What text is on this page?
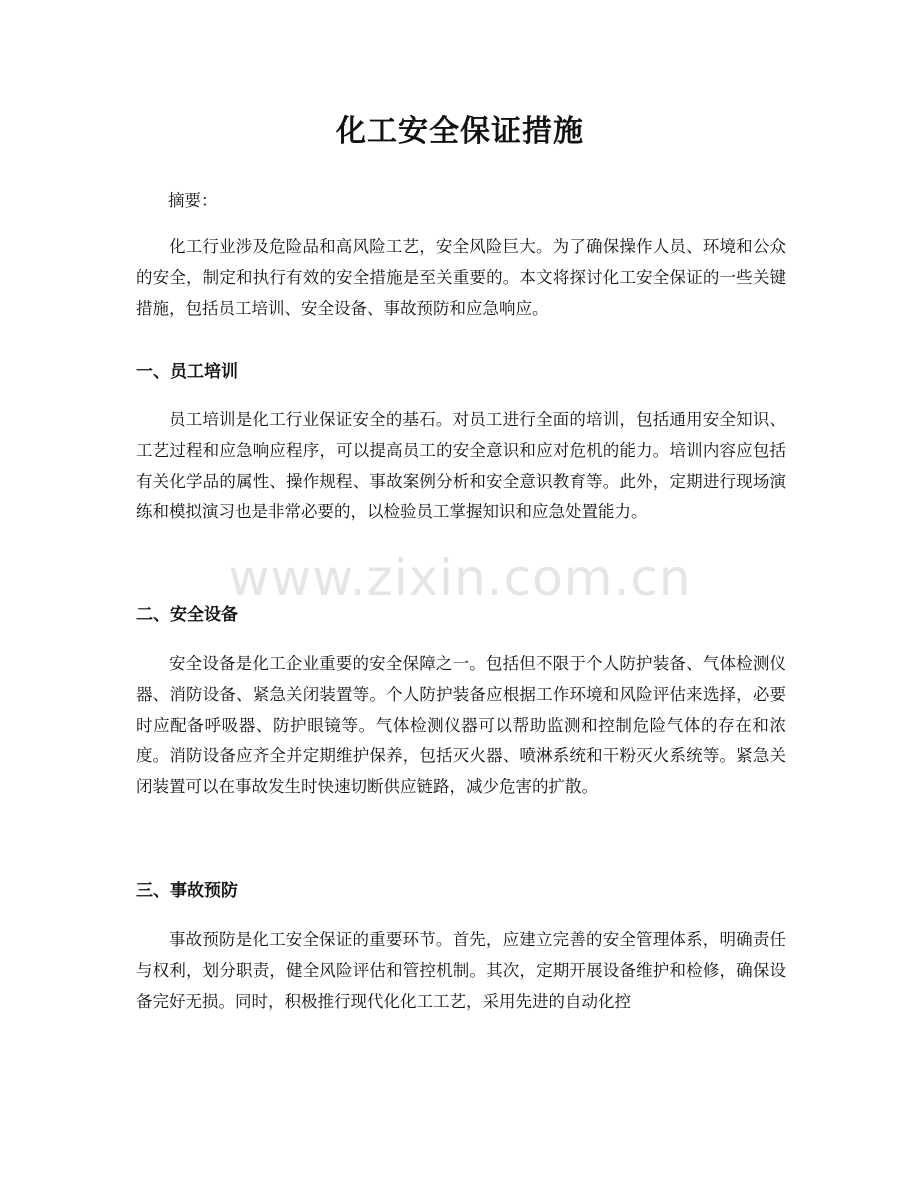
化工安全保证措施

摘要：

化工行业涉及危险品和高风险工艺，安全风险巨大。为了确保操作人员、环境和公众的安全，制定和执行有效的安全措施是至关重要的。本文将探讨化工安全保证的一些关键措施，包括员工培训、安全设备、事故预防和应急响应。

一、员工培训

员工培训是化工行业保证安全的基石。对员工进行全面的培训，包括通用安全知识、工艺过程和应急响应程序，可以提高员工的安全意识和应对危机的能力。培训内容应包括有关化学品的属性、操作规程、事故案例分析和安全意识教育等。此外，定期进行现场演练和模拟演习也是非常必要的，以检验员工掌握知识和应急处置能力。

二、安全设备

安全设备是化工企业重要的安全保障之一。包括但不限于个人防护装备、气体检测仪器、消防设备、紧急关闭装置等。个人防护装备应根据工作环境和风险评估来选择，必要时应配备呼吸器、防护眼镜等。气体检测仪器可以帮助监测和控制危险气体的存在和浓度。消防设备应齐全并定期维护保养，包括灭火器、喷淋系统和干粉灭火系统等。紧急关闭装置可以在事故发生时快速切断供应链路，减少危害的扩散。

三、事故预防

事故预防是化工安全保证的重要环节。首先，应建立完善的安全管理体系，明确责任与权利，划分职责，健全风险评估和管控机制。其次，定期开展设备维护和检修，确保设备完好无损。同时，积极推行现代化化工工艺，采用先进的自动化控

www.zixin.com.cn
